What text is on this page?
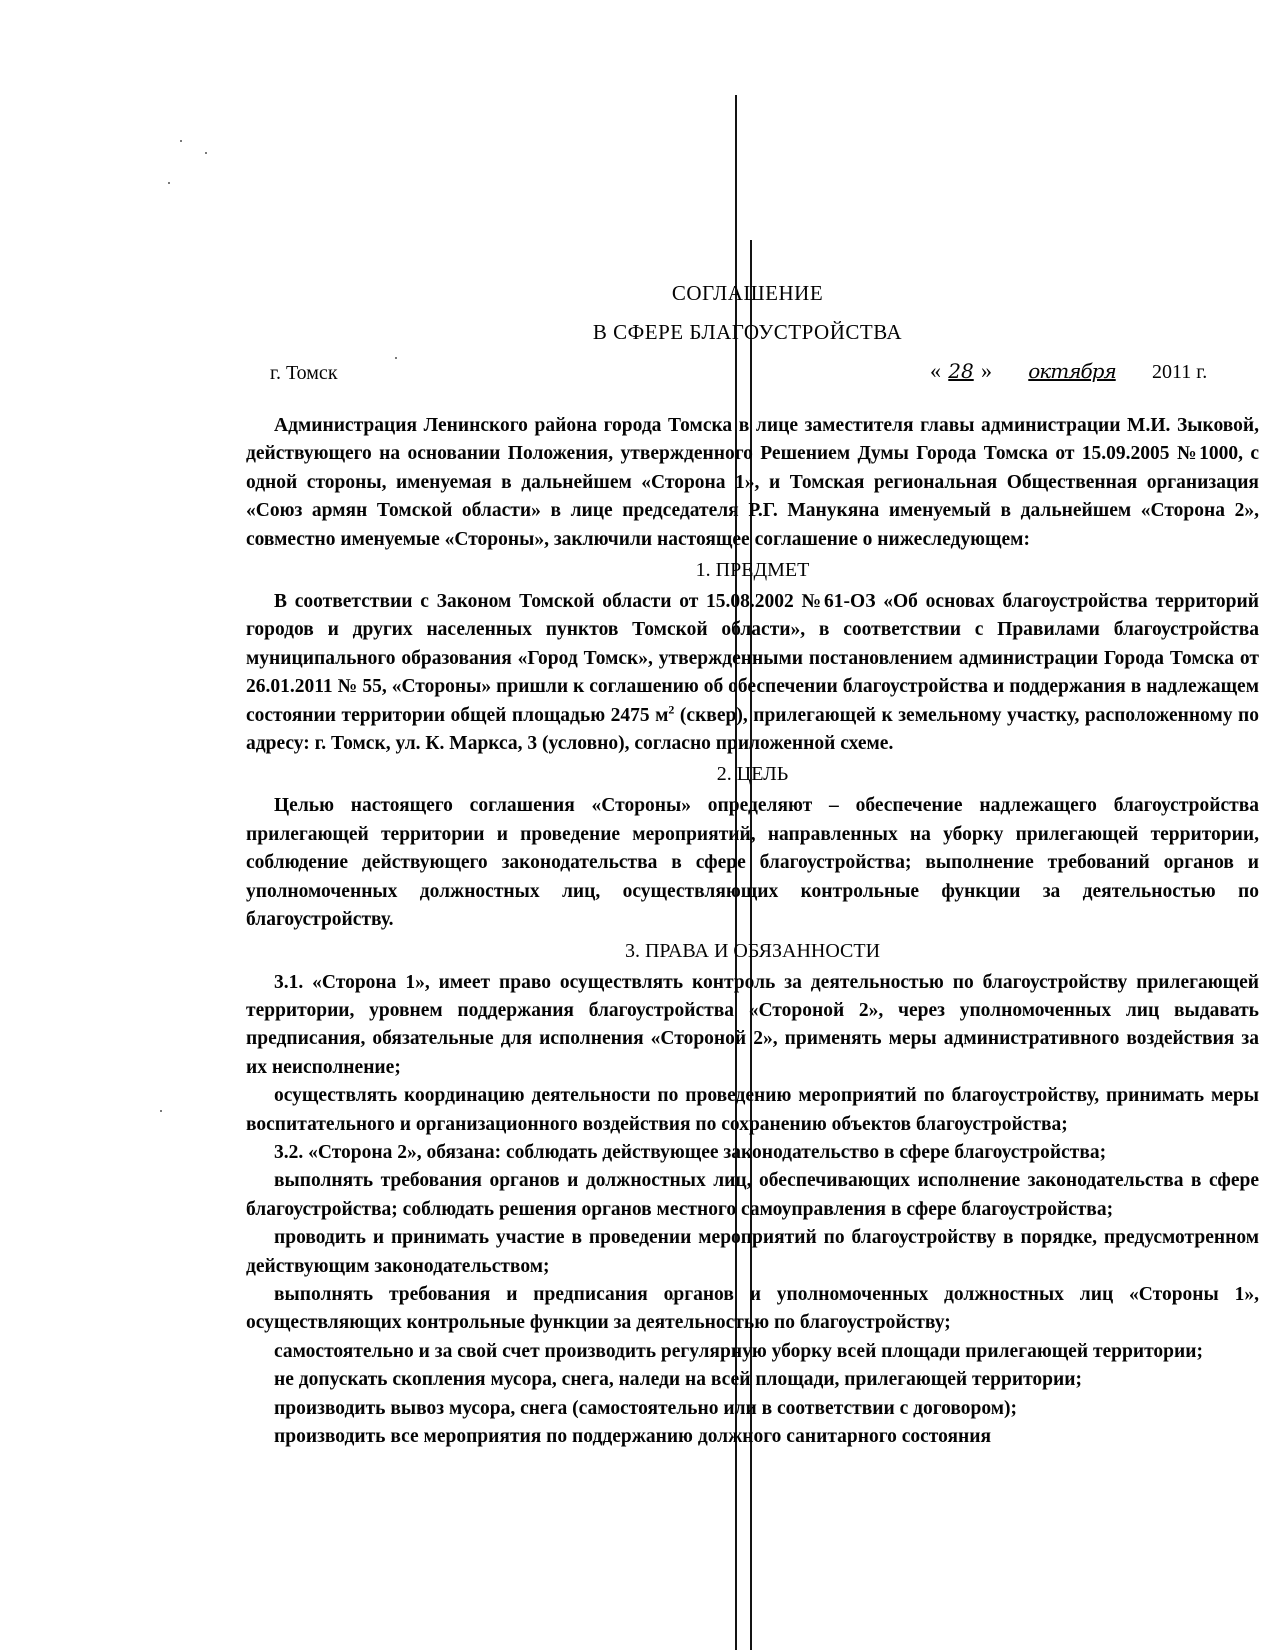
СОГЛАШЕНИЕ
В СФЕРЕ БЛАГОУСТРОЙСТВА
г. Томск	« 28 » октября 2011 г.

Администрация Ленинского района города Томска в лице заместителя главы администрации М.И. Зыковой, действующего на основании Положения, утвержденного Решением Думы Города Томска от 15.09.2005 №1000, с одной стороны, именуемая в дальнейшем «Сторона 1», и Томская региональная Общественная организация «Союз армян Томской области» в лице председателя Р.Г. Манукяна именуемый в дальнейшем «Сторона 2», совместно именуемые «Стороны», заключили настоящее соглашение о нижеследующем:

1. ПРЕДМЕТ

В соответствии с Законом Томской области от 15.08.2002 №61-ОЗ «Об основах благоустройства территорий городов и других населенных пунктов Томской области», в соответствии с Правилами благоустройства муниципального образования «Город Томск», утвержденными постановлением администрации Города Томска от 26.01.2011 № 55, «Стороны» пришли к соглашению об обеспечении благоустройства и поддержания в надлежащем состоянии территории общей площадью 2475 $м^2$ (сквер), прилегающей к земельному участку, расположенному по адресу: г. Томск, ул. К. Маркса, 3 (условно), согласно приложенной схеме.

2. ЦЕЛЬ

Целью настоящего соглашения «Стороны» определяют – обеспечение надлежащего благоустройства прилегающей территории и проведение мероприятий, направленных на уборку прилегающей территории, соблюдение действующего законодательства в сфере благоустройства; выполнение требований органов и уполномоченных должностных лиц, осуществляющих контрольные функции за деятельностью по благоустройству.

3. ПРАВА И ОБЯЗАННОСТИ

3.1. «Сторона 1», имеет право осуществлять контроль за деятельностью по благоустройству прилегающей территории, уровнем поддержания благоустройства «Стороной 2», через уполномоченных лиц выдавать предписания, обязательные для исполнения «Стороной 2», применять меры административного воздействия за их неисполнение;

осуществлять координацию деятельности по проведению мероприятий по благоустройству, принимать меры воспитательного и организационного воздействия по сохранению объектов благоустройства;

3.2. «Сторона 2», обязана: соблюдать действующее законодательство в сфере благоустройства;

выполнять требования органов и должностных лиц, обеспечивающих исполнение законодательства в сфере благоустройства; соблюдать решения органов местного самоуправления в сфере благоустройства;

проводить и принимать участие в проведении мероприятий по благоустройству в порядке, предусмотренном действующим законодательством;

выполнять требования и предписания органов и уполномоченных должностных лиц «Стороны 1», осуществляющих контрольные функции за деятельностью по благоустройству;

самостоятельно и за свой счет производить регулярную уборку всей площади прилегающей территории;

не допускать скопления мусора, снега, наледи на всей площади, прилегающей территории;

производить вывоз мусора, снега (самостоятельно или в соответствии с договором);

производить все мероприятия по поддержанию должного санитарного состояния
